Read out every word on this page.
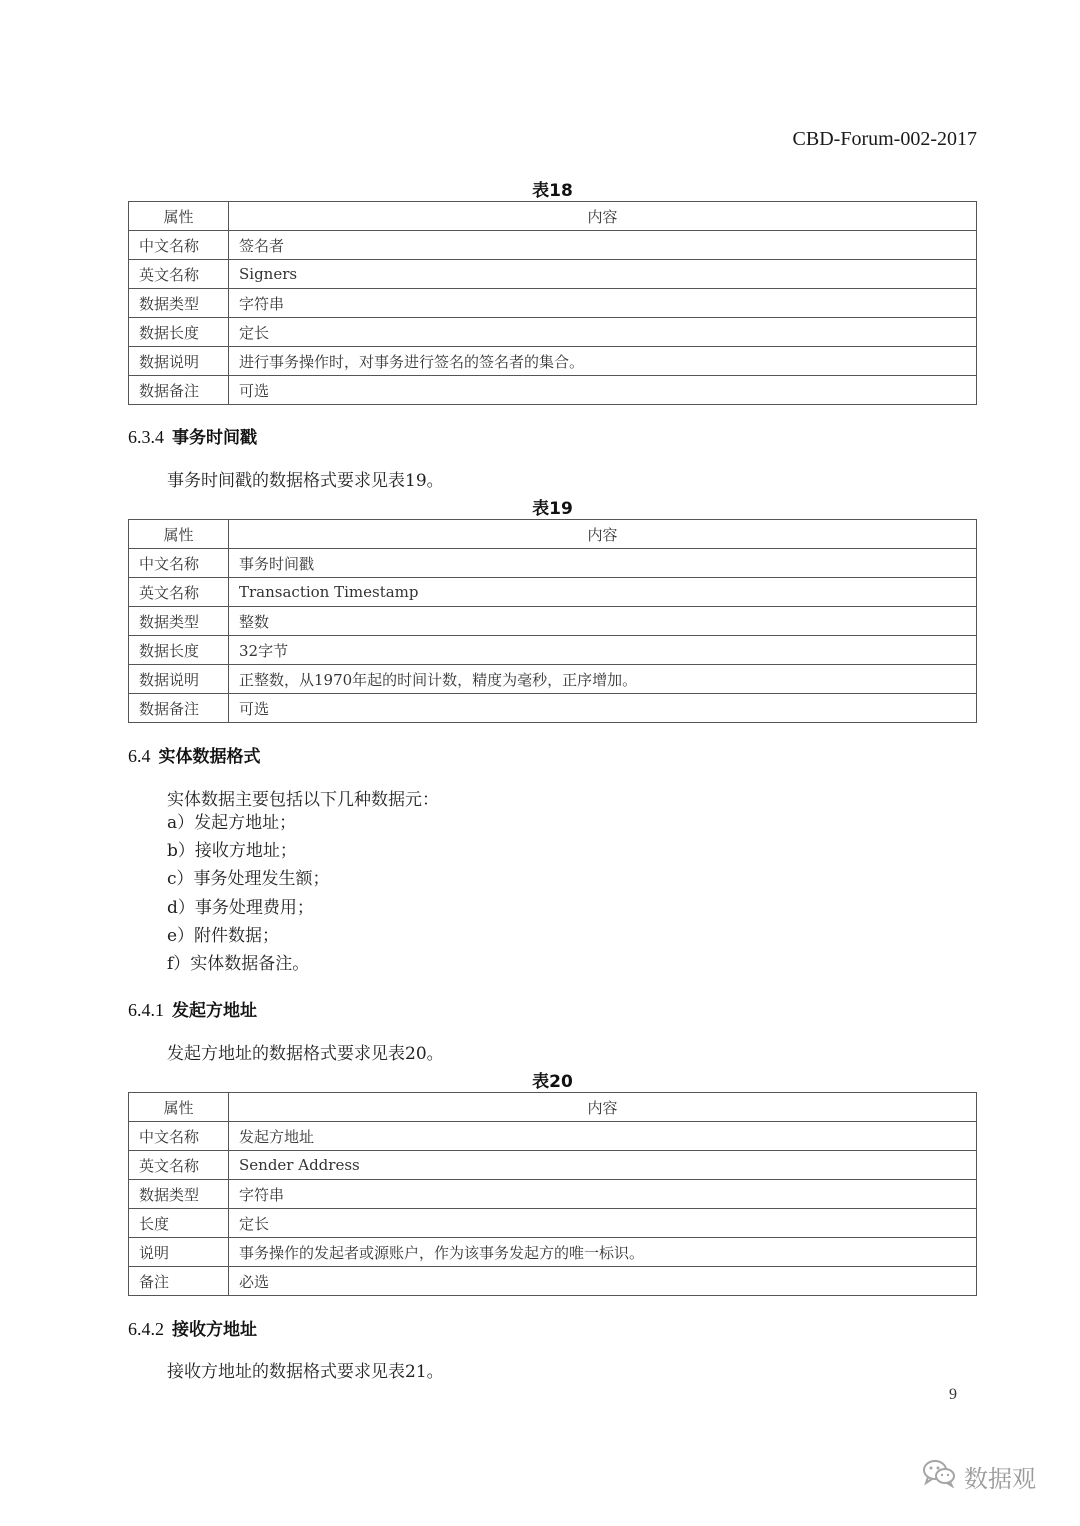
CBD-Forum-002-2017
表18
属性	内容
中文名称	签名者
英文名称	Signers
数据类型	字符串
数据长度	定长
数据说明	进行事务操作时，对事务进行签名的签名者的集合。
数据备注	可选
6.3.4 事务时间戳
事务时间戳的数据格式要求见表19。
表19
属性	内容
中文名称	事务时间戳
英文名称	Transaction Timestamp
数据类型	整数
数据长度	32字节
数据说明	正整数，从1970年起的时间计数，精度为毫秒，正序增加。
数据备注	可选
6.4 实体数据格式
实体数据主要包括以下几种数据元：
a）发起方地址；
b）接收方地址；
c）事务处理发生额；
d）事务处理费用；
e）附件数据；
f）实体数据备注。
6.4.1 发起方地址
发起方地址的数据格式要求见表20。
表20
属性	内容
中文名称	发起方地址
英文名称	Sender Address
数据类型	字符串
长度	定长
说明	事务操作的发起者或源账户，作为该事务发起方的唯一标识。
备注	必选
6.4.2 接收方地址
接收方地址的数据格式要求见表21。
9
数据观
